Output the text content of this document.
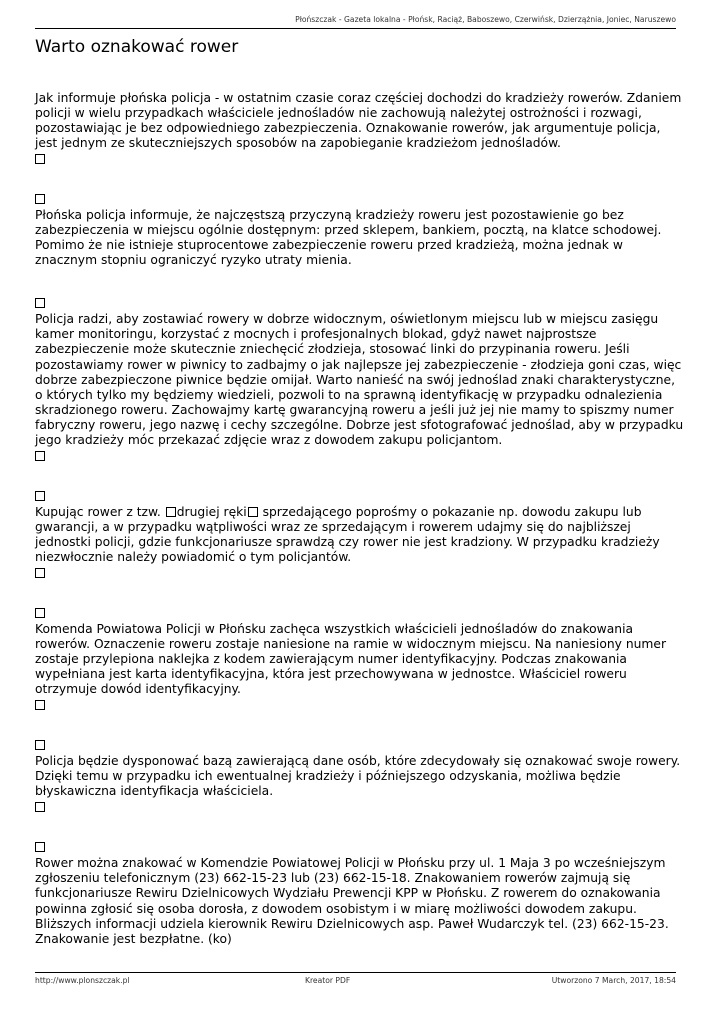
Płońszczak - Gazeta lokalna - Płońsk, Raciąż, Baboszewo, Czerwińsk, Dzierzążnia, Joniec, Naruszewo
Warto oznakować rower
Jak informuje płońska policja - w ostatnim czasie coraz częściej dochodzi do kradzieży rowerów. Zdaniem policji w wielu przypadkach właściciele jednośladów nie zachowują należytej ostrożności i rozwagi, pozostawiając je bez odpowiedniego zabezpieczenia. Oznakowanie rowerów, jak argumentuje policja, jest jednym ze skuteczniejszych sposobów na zapobieganie kradzieżom jednośladów.
Płońska policja informuje, że najczęstszą przyczyną kradzieży roweru jest pozostawienie go bez zabezpieczenia w miejscu ogólnie dostępnym: przed sklepem, bankiem, pocztą, na klatce schodowej. Pomimo że nie istnieje stuprocentowe zabezpieczenie roweru przed kradzieżą, można jednak w znacznym stopniu ograniczyć ryzyko utraty mienia.
Policja radzi, aby zostawiać rowery w dobrze widocznym, oświetlonym miejscu lub w miejscu zasięgu kamer monitoringu, korzystać z mocnych i profesjonalnych blokad, gdyż nawet najprostsze zabezpieczenie może skutecznie zniechęcić złodzieja, stosować linki do przypinania roweru. Jeśli pozostawiamy rower w piwnicy to zadbajmy o jak najlepsze jej zabezpieczenie - złodzieja goni czas, więc dobrze zabezpieczone piwnice będzie omijał. Warto nanieść na swój jednoślad znaki charakterystyczne, o których tylko my będziemy wiedzieli, pozwoli to na sprawną identyfikację w przypadku odnalezienia skradzionego roweru. Zachowajmy kartę gwarancyjną roweru a jeśli już jej nie mamy to spiszmy numer fabryczny roweru, jego nazwę i cechy szczególne. Dobrze jest sfotografować jednoślad, aby w przypadku jego kradzieży móc przekazać zdjęcie wraz z dowodem zakupu policjantom.
Kupując rower z tzw. drugiej ręki sprzedającego poprośmy o pokazanie np. dowodu zakupu lub gwarancji, a w przypadku wątpliwości wraz ze sprzedającym i rowerem udajmy się do najbliższej jednostki policji, gdzie funkcjonariusze sprawdzą czy rower nie jest kradziony. W przypadku kradzieży niezwłocznie należy powiadomić o tym policjantów.
Komenda Powiatowa Policji w Płońsku zachęca wszystkich właścicieli jednośladów do znakowania rowerów. Oznaczenie roweru zostaje naniesione na ramie w widocznym miejscu. Na naniesiony numer zostaje przylepiona naklejka z kodem zawierającym numer identyfikacyjny. Podczas znakowania wypełniana jest karta identyfikacyjna, która jest przechowywana w jednostce. Właściciel roweru otrzymuje dowód identyfikacyjny.
Policja będzie dysponować bazą zawierającą dane osób, które zdecydowały się oznakować swoje rowery. Dzięki temu w przypadku ich ewentualnej kradzieży i późniejszego odzyskania, możliwa będzie błyskawiczna identyfikacja właściciela.
Rower można znakować w Komendzie Powiatowej Policji w Płońsku przy ul. 1 Maja 3 po wcześniejszym zgłoszeniu telefonicznym (23) 662-15-23 lub (23) 662-15-18. Znakowaniem rowerów zajmują się funkcjonariusze Rewiru Dzielnicowych Wydziału Prewencji KPP w Płońsku. Z rowerem do oznakowania powinna zgłosić się osoba dorosła, z dowodem osobistym i w miarę możliwości dowodem zakupu. Bliższych informacji udziela kierownik Rewiru Dzielnicowych asp. Paweł Wudarczyk tel. (23) 662-15-23. Znakowanie jest bezpłatne. (ko)
http://www.plonszczak.pl	Kreator PDF	Utworzono 7 March, 2017, 18:54
